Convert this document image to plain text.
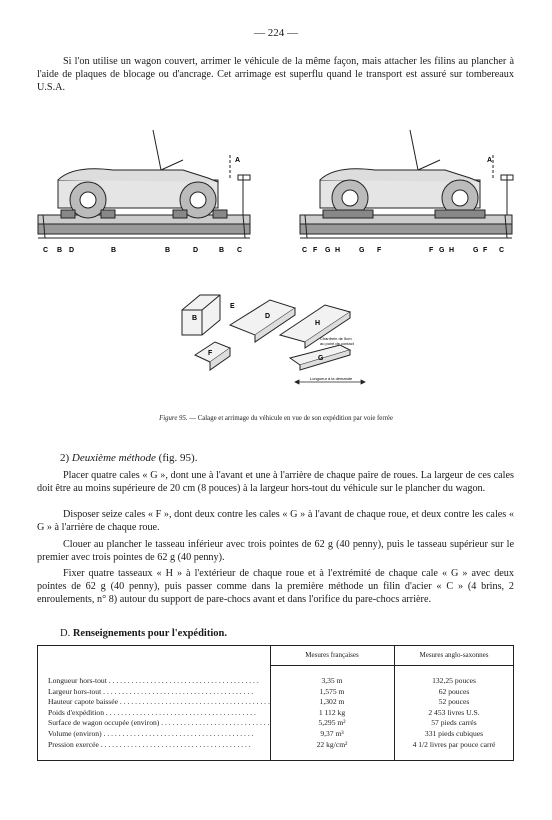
— 224 —
Si l'on utilise un wagon couvert, arrimer le véhicule de la même façon, mais attacher les filins au plancher à l'aide de plaques de blocage ou d'ancrage. Cet arrimage est superflu quand le transport est assuré sur tombereaux U.S.A.
A
C B D	B	B	D	B C
A
C F G H	G F	F G H	G F C
B	D
E
F
G
H
Chanfrein de 5cm
au point de contact
Longueur à la demande
Figure 95. — Calage et arrimage du véhicule en vue de son expédition par voie ferrée
2) Deuxième méthode (fig. 95).
Placer quatre cales « G », dont une à l'avant et une à l'arrière de chaque paire de roues. La largeur de ces cales doit être au moins supérieure de 20 cm (8 pouces) à la largeur hors-tout du véhicule sur le plancher du wagon.
Disposer seize cales « F », dont deux contre les cales « G » à l'avant de chaque roue, et deux contre les cales « G » à l'arrière de chaque roue.
Clouer au plancher le tasseau inférieur avec trois pointes de 62 g (40 penny), puis le tasseau supérieur sur le premier avec trois pointes de 62 g (40 penny).
Fixer quatre tasseaux « H » à l'extérieur de chaque roue et à l'extrémité de chaque cale « G » avec deux pointes de 62 g (40 penny), puis passer comme dans la première méthode un filin d'acier « C » (4 brins, 2 enroulements, n° 8) autour du support de pare-chocs avant et dans l'orifice du pare-chocs arrière.
D. Renseignements pour l'expédition.
Mesures françaises	Mesures anglo-saxonnes
Longueur hors-tout . . .	3,35 m	132,25 pouces
Largeur hors-tout . . .	1,575 m	62 pouces
Hauteur capote baissée . . .	1,302 m	52 pouces
Poids d'expédition . . .	1 112 kg	2 453 livres U.S.
Surface de wagon occupée (environ) . . .	5,295 m²	57 pieds carrés
Volume (environ) . . .	9,37 m³	331 pieds cubiques
Pression exercée . . .	22 kg/cm²	4 1/2 livres par pouce carré
